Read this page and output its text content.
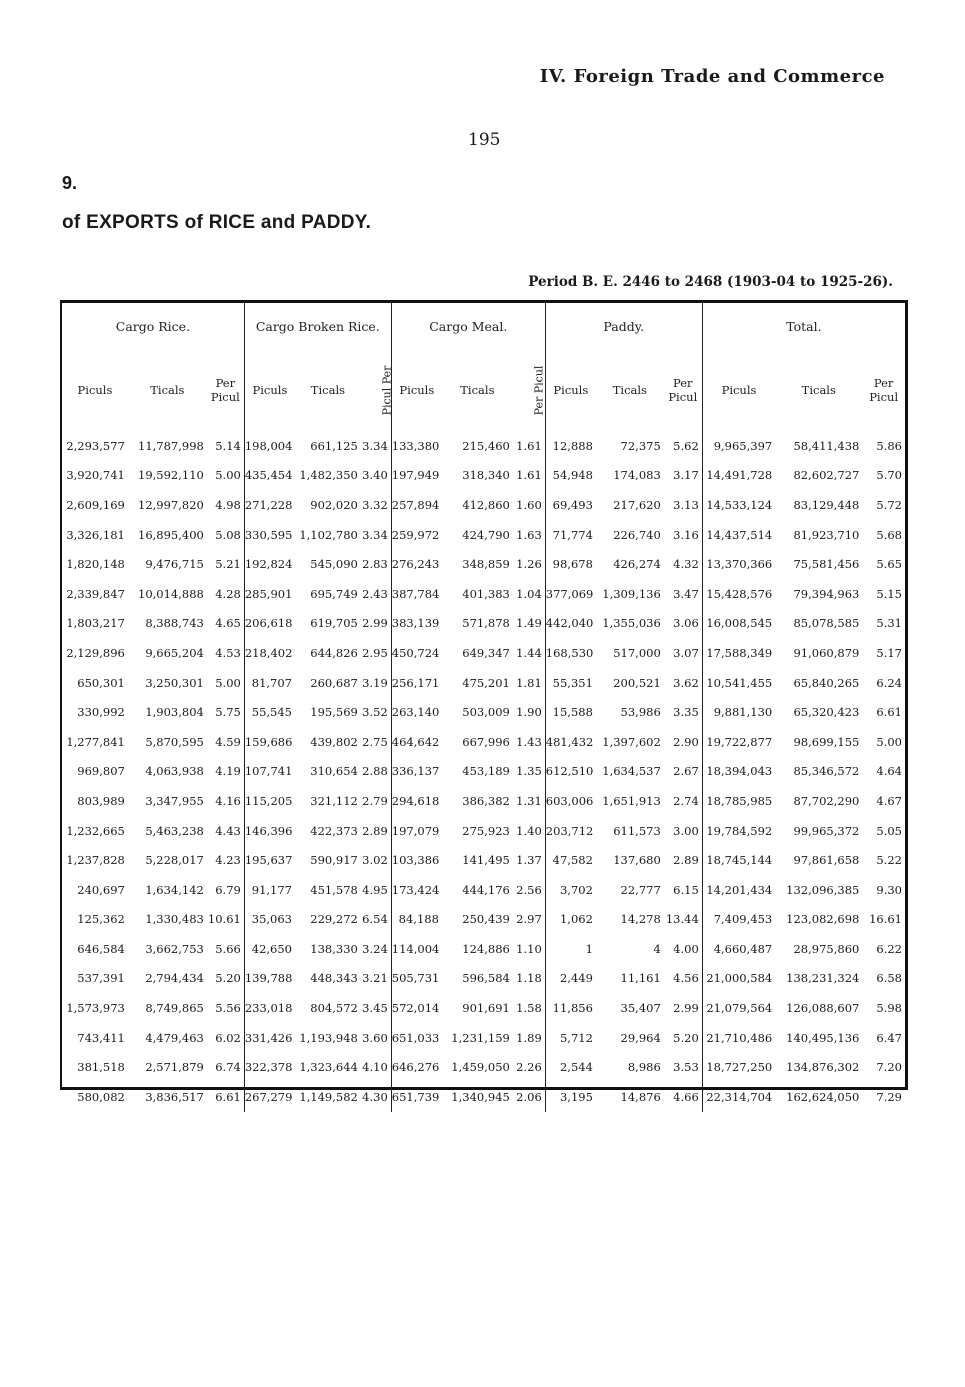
IV. Foreign Trade and Commerce
195
9.
of EXPORTS of RICE and PADDY.
Period B. E. 2446 to 2468 (1903-04 to 1925-26).
Cargo Rice.			Cargo Broken Rice.			Cargo Meal.			Paddy.			Total.		
Piculs	Ticals	Per Picul	Piculs	Ticals	Picul Per	Piculs	Ticals	Per Picul	Piculs	Ticals	Per Picul	Piculs	Ticals	Per Picul
2,293,577	11,787,998	5.14	198,004	661,125	3.34	133,380	215,460	1.61	12,888	72,375	5.62	9,965,397	58,411,438	5.86
3,920,741	19,592,110	5.00	435,454	1,482,350	3.40	197,949	318,340	1.61	54,948	174,083	3.17	14,491,728	82,602,727	5.70
2,609,169	12,997,820	4.98	271,228	902,020	3.32	257,894	412,860	1.60	69,493	217,620	3.13	14,533,124	83,129,448	5.72
3,326,181	16,895,400	5.08	330,595	1,102,780	3.34	259,972	424,790	1.63	71,774	226,740	3.16	14,437,514	81,923,710	5.68
1,820,148	9,476,715	5.21	192,824	545,090	2.83	276,243	348,859	1.26	98,678	426,274	4.32	13,370,366	75,581,456	5.65
2,339,847	10,014,888	4.28	285,901	695,749	2.43	387,784	401,383	1.04	377,069	1,309,136	3.47	15,428,576	79,394,963	5.15
1,803,217	8,388,743	4.65	206,618	619,705	2.99	383,139	571,878	1.49	442,040	1,355,036	3.06	16,008,545	85,078,585	5.31
2,129,896	9,665,204	4.53	218,402	644,826	2.95	450,724	649,347	1.44	168,530	517,000	3.07	17,588,349	91,060,879	5.17
650,301	3,250,301	5.00	81,707	260,687	3.19	256,171	475,201	1.81	55,351	200,521	3.62	10,541,455	65,840,265	6.24
330,992	1,903,804	5.75	55,545	195,569	3.52	263,140	503,009	1.90	15,588	53,986	3.35	9,881,130	65,320,423	6.61
1,277,841	5,870,595	4.59	159,686	439,802	2.75	464,642	667,996	1.43	481,432	1,397,602	2.90	19,722,877	98,699,155	5.00
969,807	4,063,938	4.19	107,741	310,654	2.88	336,137	453,189	1.35	612,510	1,634,537	2.67	18,394,043	85,346,572	4.64
803,989	3,347,955	4.16	115,205	321,112	2.79	294,618	386,382	1.31	603,006	1,651,913	2.74	18,785,985	87,702,290	4.67
1,232,665	5,463,238	4.43	146,396	422,373	2.89	197,079	275,923	1.40	203,712	611,573	3.00	19,784,592	99,965,372	5.05
1,237,828	5,228,017	4.23	195,637	590,917	3.02	103,386	141,495	1.37	47,582	137,680	2.89	18,745,144	97,861,658	5.22
240,697	1,634,142	6.79	91,177	451,578	4.95	173,424	444,176	2.56	3,702	22,777	6.15	14,201,434	132,096,385	9.30
125,362	1,330,483	10.61	35,063	229,272	6.54	84,188	250,439	2.97	1,062	14,278	13.44	7,409,453	123,082,698	16.61
646,584	3,662,753	5.66	42,650	138,330	3.24	114,004	124,886	1.10	1	4	4.00	4,660,487	28,975,860	6.22
537,391	2,794,434	5.20	139,788	448,343	3.21	505,731	596,584	1.18	2,449	11,161	4.56	21,000,584	138,231,324	6.58
1,573,973	8,749,865	5.56	233,018	804,572	3.45	572,014	901,691	1.58	11,856	35,407	2.99	21,079,564	126,088,607	5.98
743,411	4,479,463	6.02	331,426	1,193,948	3.60	651,033	1,231,159	1.89	5,712	29,964	5.20	21,710,486	140,495,136	6.47
381,518	2,571,879	6.74	322,378	1,323,644	4.10	646,276	1,459,050	2.26	2,544	8,986	3.53	18,727,250	134,876,302	7.20
580,082	3,836,517	6.61	267,279	1,149,582	4.30	651,739	1,340,945	2.06	3,195	14,876	4.66	22,314,704	162,624,050	7.29
